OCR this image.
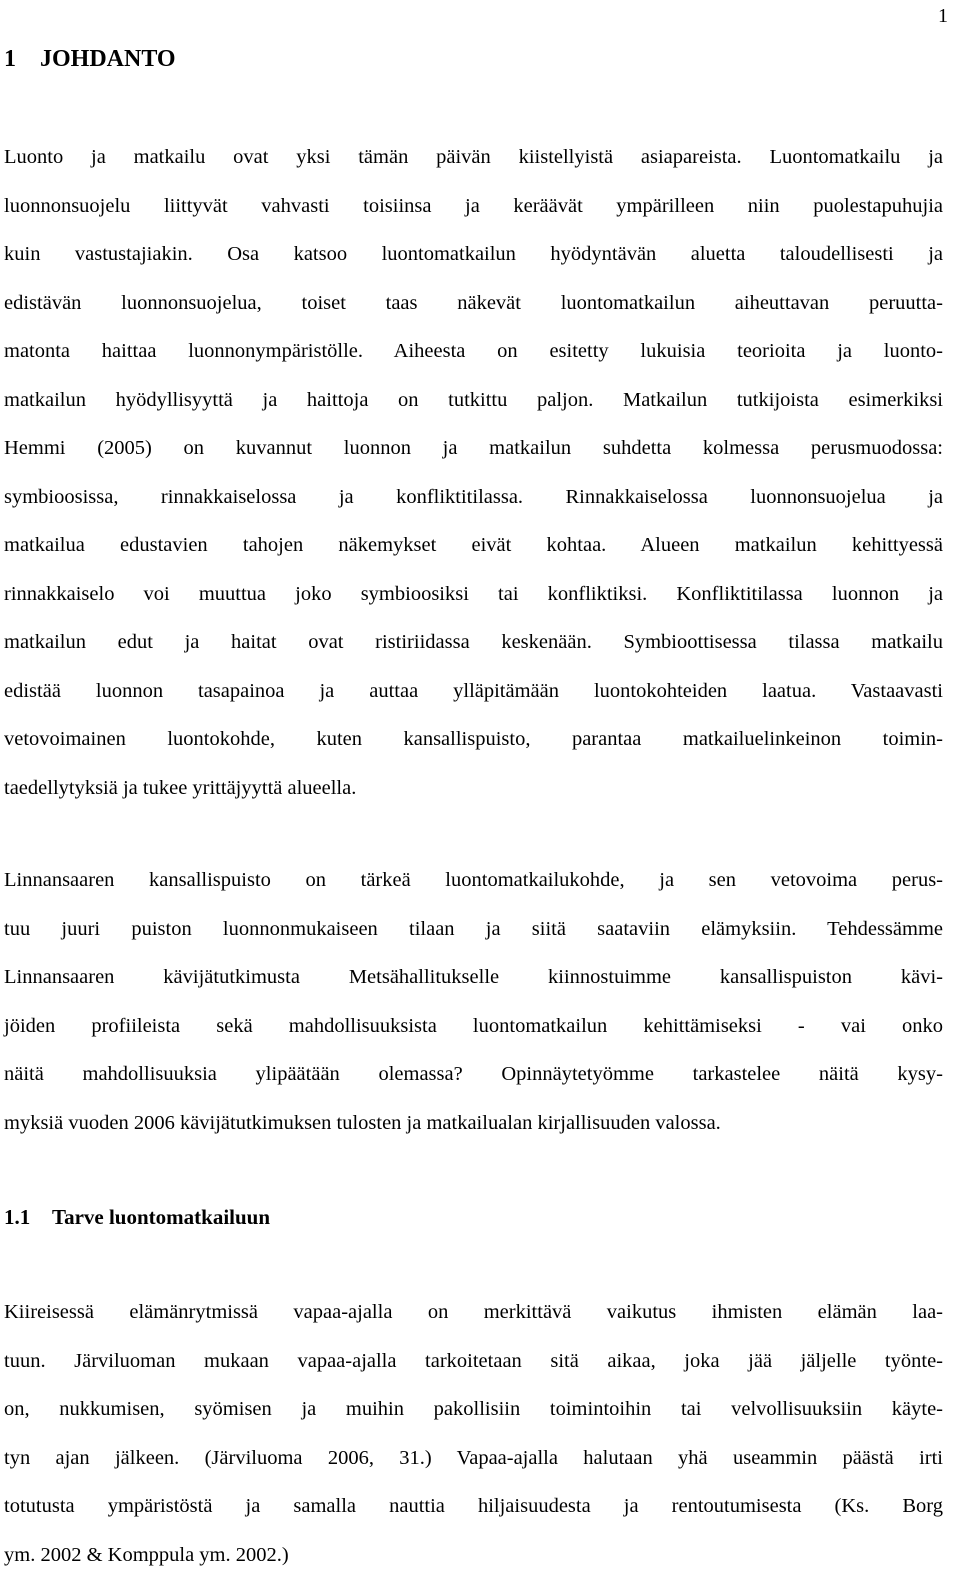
1
1 JOHDANTO

Luonto ja matkailu ovat yksi tämän päivän kiistellyistä asiapareista. Luontomatkailu ja
luonnonsuojelu liittyvät vahvasti toisiinsa ja keräävät ympärilleen niin puolestapuhujia
kuin vastustajiakin. Osa katsoo luontomatkailun hyödyntävän aluetta taloudellisesti ja
edistävän luonnonsuojelua, toiset taas näkevät luontomatkailun aiheuttavan peruutta-
matonta haittaa luonnonympäristölle. Aiheesta on esitetty lukuisia teorioita ja luonto-
matkailun hyödyllisyyttä ja haittoja on tutkittu paljon. Matkailun tutkijoista esimerkiksi
Hemmi (2005) on kuvannut luonnon ja matkailun suhdetta kolmessa perusmuodossa:
symbioosissa, rinnakkaiselossa ja konfliktitilassa. Rinnakkaiselossa luonnonsuojelua ja
matkailua edustavien tahojen näkemykset eivät kohtaa. Alueen matkailun kehittyessä
rinnakkaiselo voi muuttua joko symbioosiksi tai konfliktiksi. Konfliktitilassa luonnon ja
matkailun edut ja haitat ovat ristiriidassa keskenään. Symbioottisessa tilassa matkailu
edistää luonnon tasapainoa ja auttaa ylläpitämään luontokohteiden laatua. Vastaavasti
vetovoimainen luontokohde, kuten kansallispuisto, parantaa matkailuelinkeinon toimin-
taedellytyksiä ja tukee yrittäjyyttä alueella.

Linnansaaren kansallispuisto on tärkeä luontomatkailukohde, ja sen vetovoima perus-
tuu juuri puiston luonnonmukaiseen tilaan ja siitä saataviin elämyksiin. Tehdessämme
Linnansaaren kävijätutkimusta Metsähallitukselle kiinnostuimme kansallispuiston kävi-
jöiden profiileista sekä mahdollisuuksista luontomatkailun kehittämiseksi - vai onko
näitä mahdollisuuksia ylipäätään olemassa? Opinnäytetyömme tarkastelee näitä kysy-
myksiä vuoden 2006 kävijätutkimuksen tulosten ja matkailualan kirjallisuuden valossa.

1.1 Tarve luontomatkailuun

Kiireisessä elämänrytmissä vapaa-ajalla on merkittävä vaikutus ihmisten elämän laa-
tuun. Järviluoman mukaan vapaa-ajalla tarkoitetaan sitä aikaa, joka jää jäljelle työnte-
on, nukkumisen, syömisen ja muihin pakollisiin toimintoihin tai velvollisuuksiin käyte-
tyn ajan jälkeen. (Järviluoma 2006, 31.) Vapaa-ajalla halutaan yhä useammin päästä irti
totutusta ympäristöstä ja samalla nauttia hiljaisuudesta ja rentoutumisesta (Ks. Borg
ym. 2002 & Komppula ym. 2002.)
